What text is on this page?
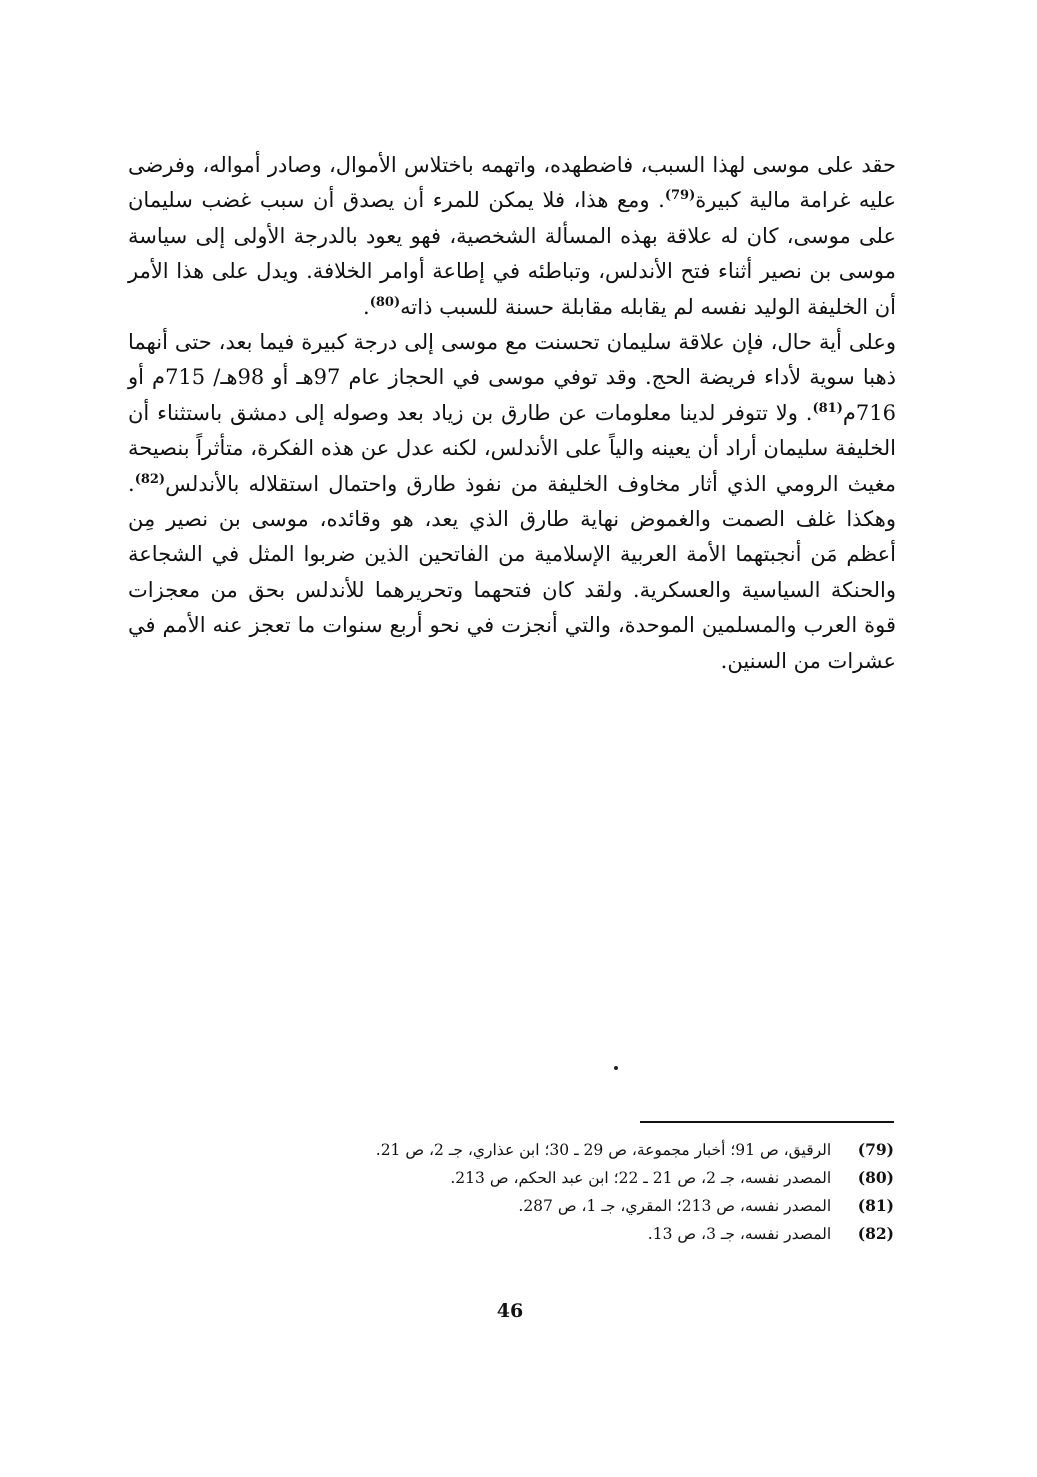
حقد على موسى لهذا السبب، فاضطهده، واتهمه باختلاس الأموال، وصادر أمواله، وفرضى عليه غرامة مالية كبيرة$^{(79)}$. ومع هذا، فلا يمكن للمرء أن يصدق أن سبب غضب سليمان على موسى، كان له علاقة بهذه المسألة الشخصية، فهو يعود بالدرجة الأولى إلى سياسة موسى بن نصير أثناء فتح الأندلس، وتباطئه في إطاعة أوامر الخلافة. ويدل على هذا الأمر أن الخليفة الوليد نفسه لم يقابله مقابلة حسنة للسبب ذاته$^{(80)}$.

وعلى أية حال، فإن علاقة سليمان تحسنت مع موسى إلى درجة كبيرة فيما بعد، حتى أنهما ذهبا سوية لأداء فريضة الحج. وقد توفي موسى في الحجاز عام 97هـ أو 98هـ/ 715م أو 716م$^{(81)}$. ولا تتوفر لدينا معلومات عن طارق بن زياد بعد وصوله إلى دمشق باستثناء أن الخليفة سليمان أراد أن يعينه والياً على الأندلس، لكنه عدل عن هذه الفكرة، متأثراً بنصيحة مغيث الرومي الذي أثار مخاوف الخليفة من نفوذ طارق واحتمال استقلاله بالأندلس$^{(82)}$. وهكذا غلف الصمت والغموض نهاية طارق الذي يعد، هو وقائده، موسى بن نصير مِن أعظم مَن أنجبتهما الأمة العربية الإسلامية من الفاتحين الذين ضربوا المثل في الشجاعة والحنكة السياسية والعسكرية. ولقد كان فتحهما وتحريرهما للأندلس بحق من معجزات قوة العرب والمسلمين الموحدة، والتي أنجزت في نحو أربع سنوات ما تعجز عنه الأمم في عشرات من السنين.

(79)   الرقيق، ص 91؛ أخبار مجموعة، ص 29 ـ 30؛ ابن عذاري، جـ 2، ص 21.
(80)   المصدر نفسه، جـ 2، ص 21 ـ 22؛ ابن عبد الحكم، ص 213.
(81)   المصدر نفسه، ص 213؛ المقري، جـ 1، ص 287.
(82)   المصدر نفسه، جـ 3، ص 13.
46
